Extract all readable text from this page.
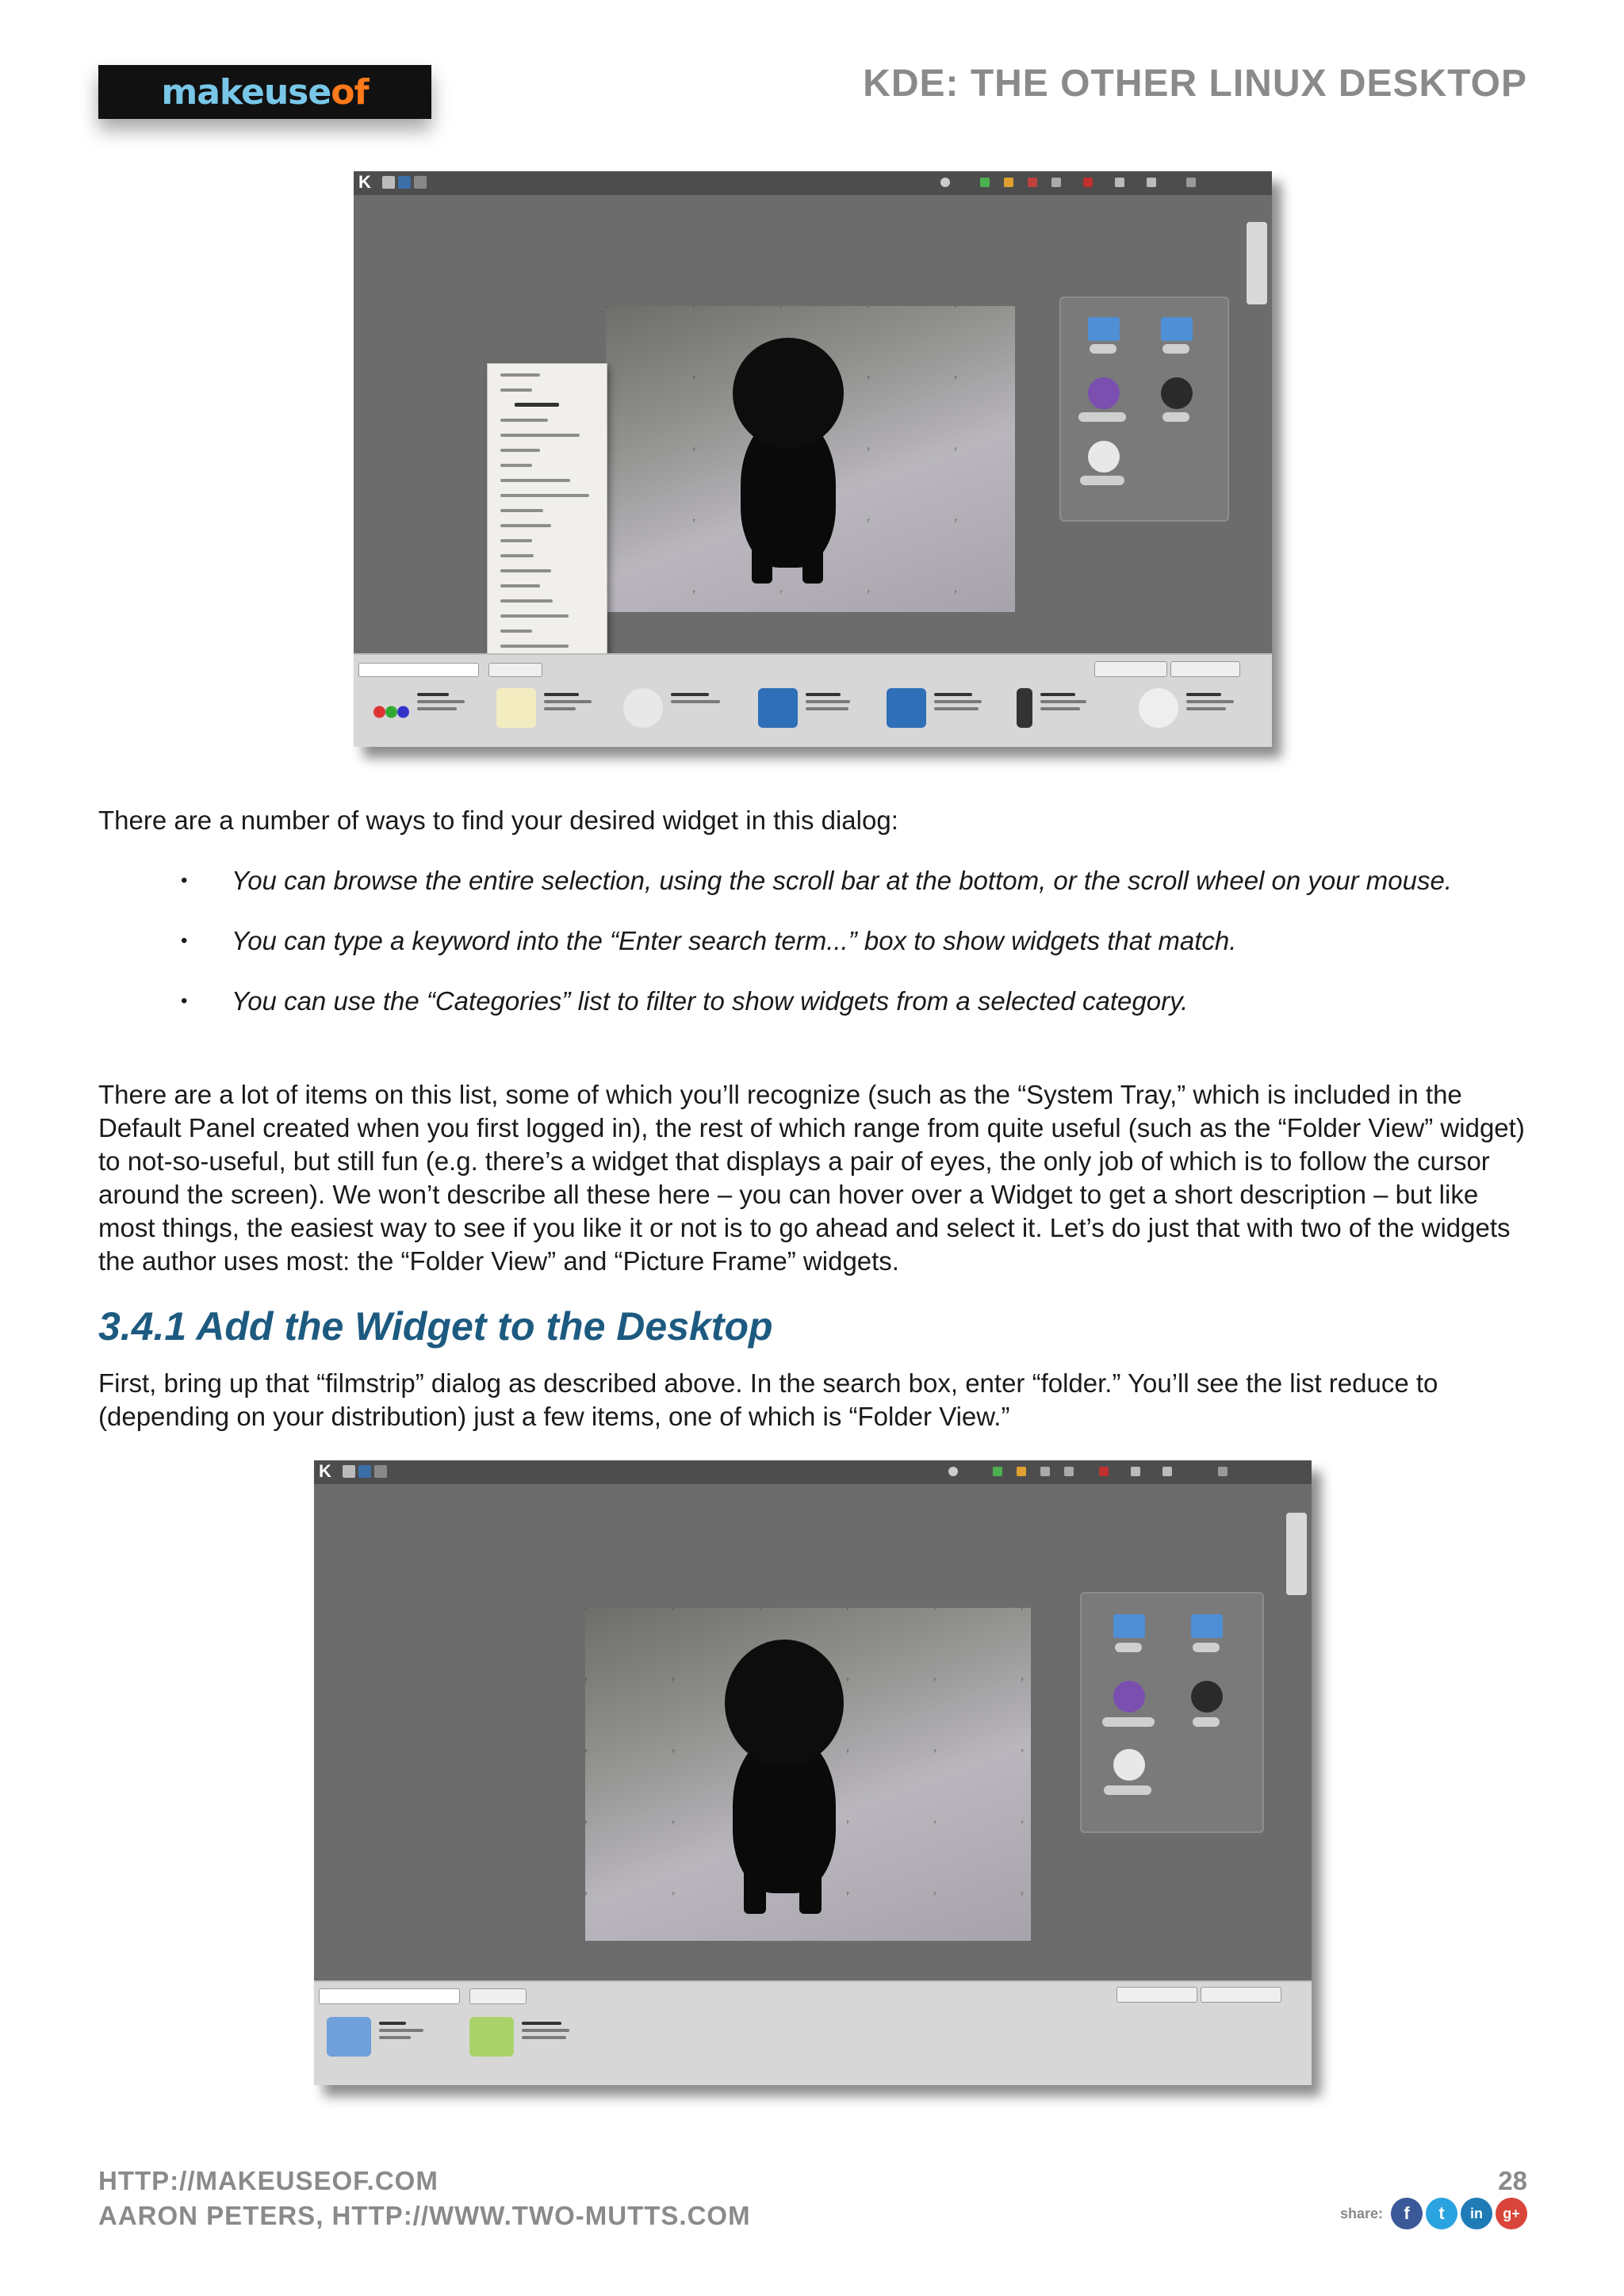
makeuse of	KDE: THE OTHER LINUX DESKTOP
K
There are a number of ways to find your desired widget in this dialog:
• You can browse the entire selection, using the scroll bar at the bottom, or the scroll wheel on your mouse.
• You can type a keyword into the “Enter search term...” box to show widgets that match.
• You can use the “Categories” list to filter to show widgets from a selected category.
There are a lot of items on this list, some of which you’ll recognize (such as the “System Tray,” which is included in the Default Panel created when you first logged in), the rest of which range from quite useful (such as the “Folder View” widget) to not-so-useful, but still fun (e.g. there’s a widget that displays a pair of eyes, the only job of which is to follow the cursor around the screen). We won’t describe all these here – you can hover over a Widget to get a short description – but like most things, the easiest way to see if you like it or not is to go ahead and select it. Let’s do just that with two of the widgets the author uses most: the “Folder View” and “Picture Frame” widgets.
3.4.1 Add the Widget to the Desktop
First, bring up that “filmstrip” dialog as described above. In the search box, enter “folder.” You’ll see the list reduce to (depending on your distribution) just a few items, one of which is “Folder View.”
K
HTTP://MAKEUSEOF.COM
AARON PETERS, HTTP://WWW.TWO-MUTTS.COM
28
share:	f	t	in	g+
